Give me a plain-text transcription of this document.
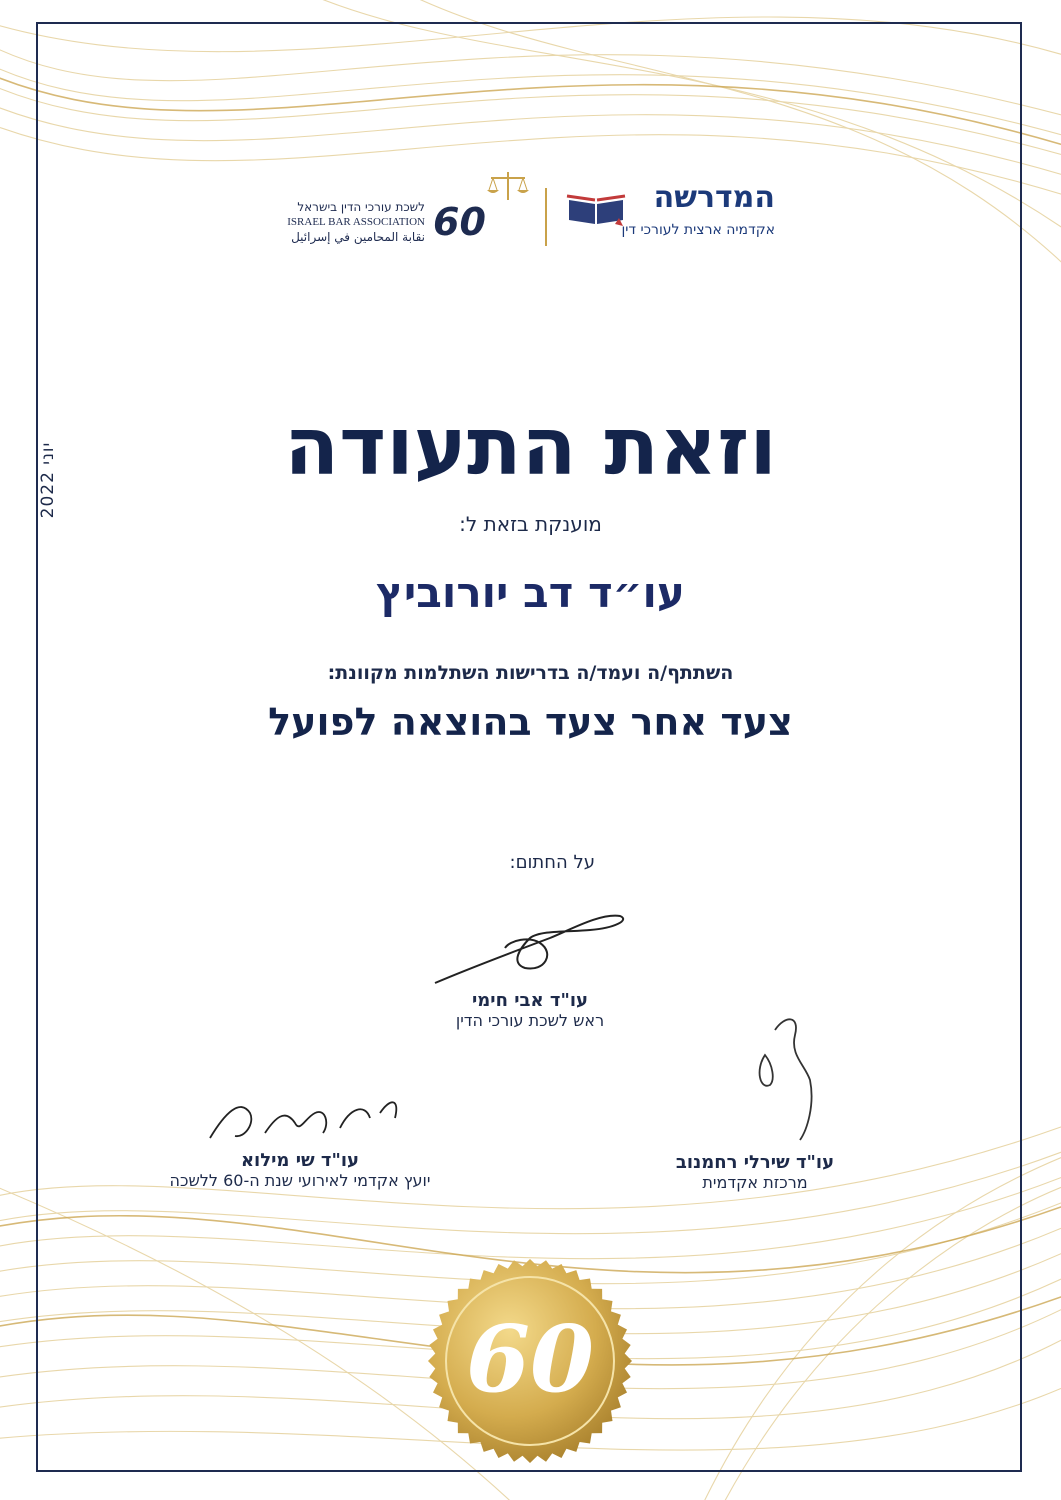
המדרשה
אקדמיה ארצית לעורכי דין
60
לשכת עורכי הדין בישראל
ISRAEL BAR ASSOCIATION
نقابة المحامين في إسرائيل
יוני 2022	וזאת התעודה
מוענקת בזאת ל:
עו״ד דב יורוביץ
השתתף/ה ועמד/ה בדרישות השתלמות מקוונת:
צעד אחר צעד בהוצאה לפועל
על החתום:
עו"ד אבי חימי
ראש לשכת עורכי הדין
עו"ד שירלי רחמנוב
מרכזת אקדמית
עו"ד שי מילוא
יועץ אקדמי לאירועי שנת ה-60 ללשכה
60
